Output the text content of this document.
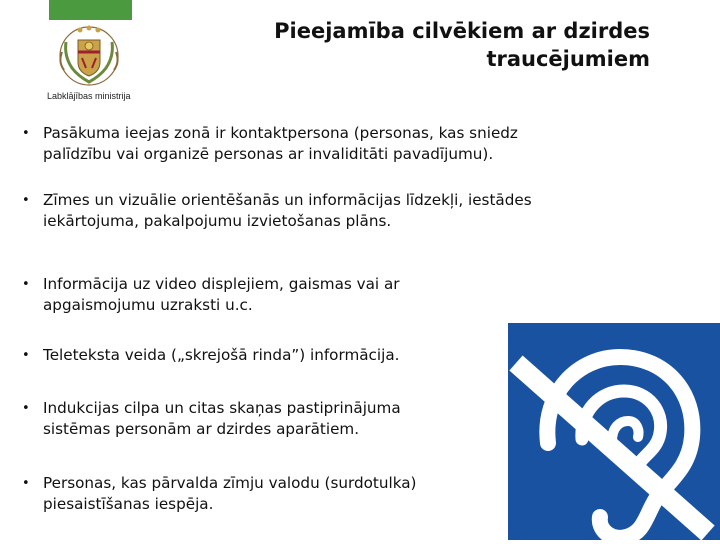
Labklājības ministrija
Pieejamība cilvēkiem ar dzirdes
traucējumiem
• Pasākuma ieejas zonā ir kontaktpersona (personas, kas sniedz
palīdzību vai organizē personas ar invaliditāti pavadījumu).
• Zīmes un vizuālie orientēšanās un informācijas līdzekļi, iestādes
iekārtojuma, pakalpojumu izvietošanas plāns.
• Informācija uz video displejiem, gaismas vai ar
apgaismojumu uzraksti u.c.
• Teleteksta veida („skrejošā rinda”) informācija.
• Indukcijas cilpa un citas skaņas pastiprinājuma
sistēmas personām ar dzirdes aparātiem.
• Personas, kas pārvalda zīmju valodu (surdotulka)
piesaistīšanas iespēja.
